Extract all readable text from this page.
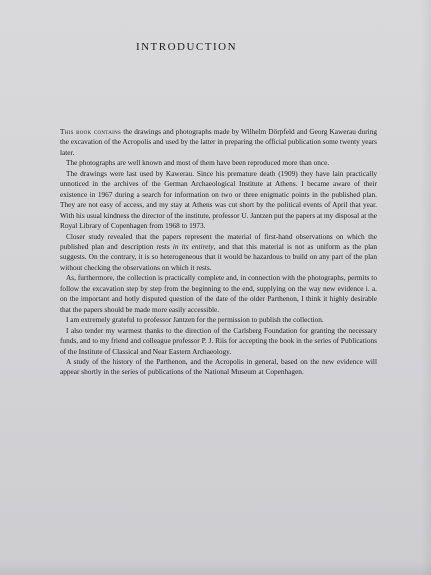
INTRODUCTION

This book contains the drawings and photographs made by Wilhelm Dörpfeld and Georg Kawerau during the excavation of the Acropolis and used by the latter in preparing the official publication some twenty years later.

The photographs are well known and most of them have been reproduced more than once.

The drawings were last used by Kawerau. Since his premature death (1909) they have lain practically unnoticed in the archives of the German Archaeological Institute at Athens. I became aware of their existence in 1967 during a search for information on two or three enigmatic points in the published plan. They are not easy of access, and my stay at Athens was cut short by the political events of April that year. With his usual kindness the director of the institute, professor U. Jantzen put the papers at my disposal at the Royal Library of Copenhagen from 1968 to 1973.

Closer study revealed that the papers represent the material of first-hand observations on which the published plan and description rests in its entirety, and that this material is not as uniform as the plan suggests. On the contrary, it is so heterogeneous that it would be hazardous to build on any part of the plan without checking the observations on which it rests.

As, furthermore, the collection is practically complete and, in connection with the photographs, permits to follow the excavation step by step from the beginning to the end, supplying on the way new evidence i. a. on the important and hotly disputed question of the date of the older Parthenon, I think it highly desirable that the papers should be made more easily accessible.

I am extremely grateful to professor Jantzen for the permission to publish the collection.

I also tender my warmest thanks to the direction of the Carlsberg Foundation for granting the necessary funds, and to my friend and colleague professor P. J. Riis for accepting the book in the series of Publications of the Institute of Classical and Near Eastern Archaeology.

A study of the history of the Parthenon, and the Acropolis in general, based on the new evidence will appear shortly in the series of publications of the National Museum at Copenhagen.
